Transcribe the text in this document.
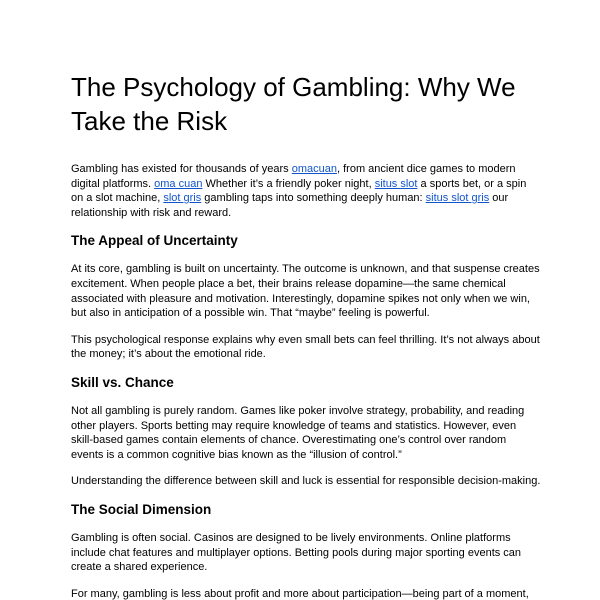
The Psychology of Gambling: Why We Take the Risk

Gambling has existed for thousands of years omacuan, from ancient dice games to modern digital platforms. oma cuan Whether it’s a friendly poker night, situs slot a sports bet, or a spin on a slot machine, slot gris gambling taps into something deeply human: situs slot gris our relationship with risk and reward.

The Appeal of Uncertainty

At its core, gambling is built on uncertainty. The outcome is unknown, and that suspense creates excitement. When people place a bet, their brains release dopamine—the same chemical associated with pleasure and motivation. Interestingly, dopamine spikes not only when we win, but also in anticipation of a possible win. That “maybe” feeling is powerful.

This psychological response explains why even small bets can feel thrilling. It’s not always about the money; it’s about the emotional ride.

Skill vs. Chance

Not all gambling is purely random. Games like poker involve strategy, probability, and reading other players. Sports betting may require knowledge of teams and statistics. However, even skill-based games contain elements of chance. Overestimating one’s control over random events is a common cognitive bias known as the “illusion of control.”

Understanding the difference between skill and luck is essential for responsible decision-making.

The Social Dimension

Gambling is often social. Casinos are designed to be lively environments. Online platforms include chat features and multiplayer options. Betting pools during major sporting events can create a shared experience.

For many, gambling is less about profit and more about participation—being part of a moment,
